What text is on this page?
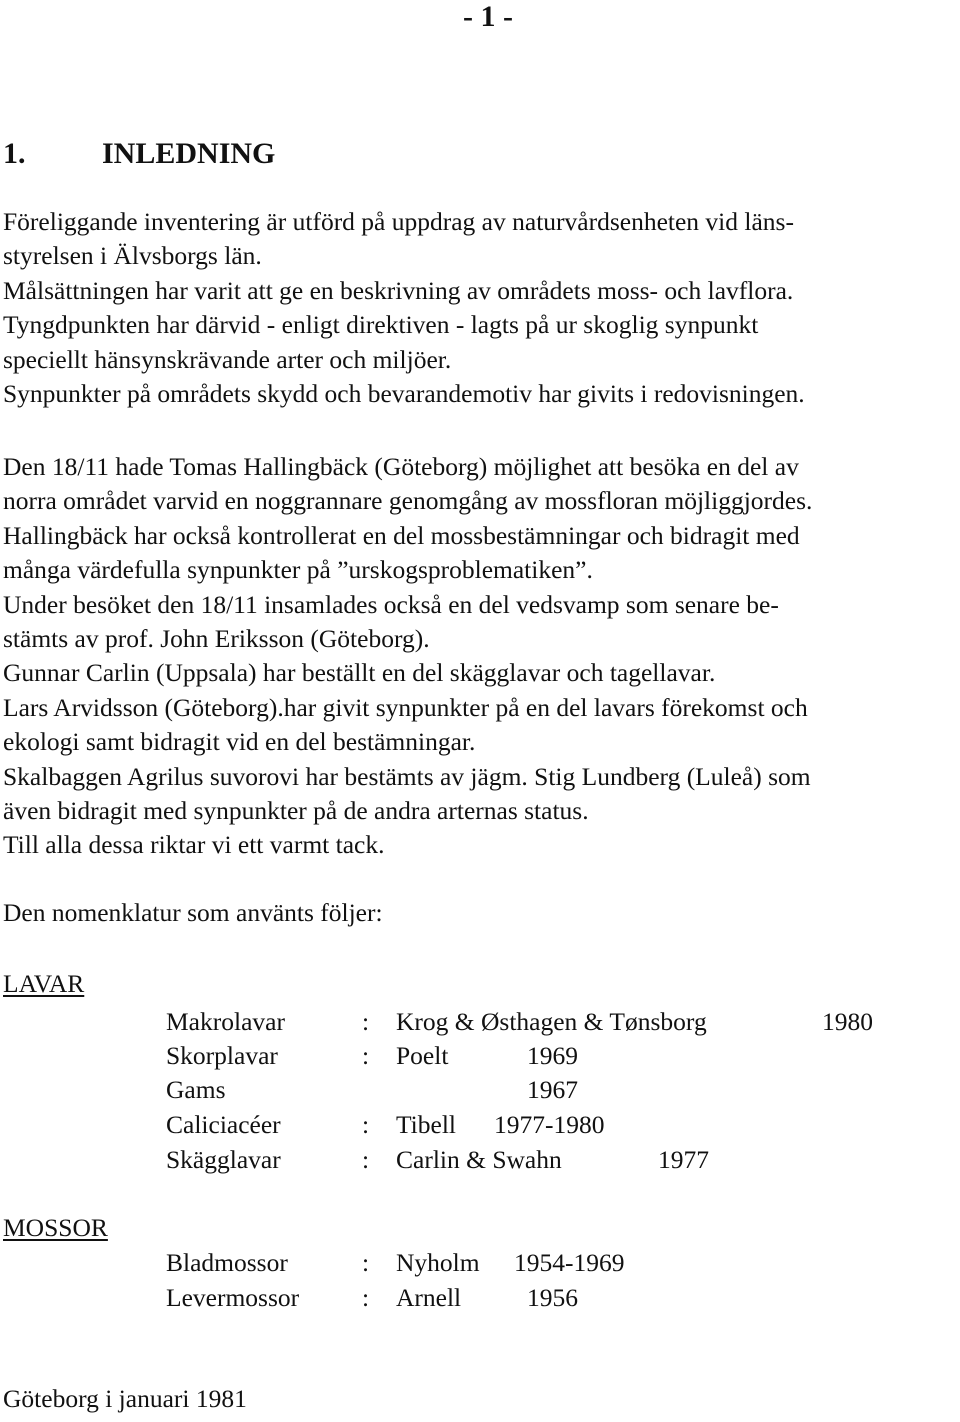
- 1 -
1.	INLEDNING
Föreliggande inventering är utförd på uppdrag av naturvårdsenheten vid läns-
styrelsen i Älvsborgs län.
Målsättningen har varit att ge en beskrivning av områdets moss- och lavflora.
Tyngdpunkten har därvid - enligt direktiven - lagts på ur skoglig synpunkt
speciellt hänsynskrävande arter och miljöer.
Synpunkter på områdets skydd och bevarandemotiv har givits i redovisningen.
Den 18/11 hade Tomas Hallingbäck (Göteborg) möjlighet att besöka en del av
norra området varvid en noggrannare genomgång av mossfloran möjliggjordes.
Hallingbäck har också kontrollerat en del mossbestämningar och bidragit med
många värdefulla synpunkter på ”urskogsproblematiken”.
Under besöket den 18/11 insamlades också en del vedsvamp som senare be-
stämts av prof. John Eriksson (Göteborg).
Gunnar Carlin (Uppsala) har beställt en del skägglavar och tagellavar.
Lars Arvidsson (Göteborg).har givit synpunkter på en del lavars förekomst och
ekologi samt bidragit vid en del bestämningar.
Skalbaggen Agrilus suvorovi har bestämts av jägm. Stig Lundberg (Luleå) som
även bidragit med synpunkter på de andra arternas status.
Till alla dessa riktar vi ett varmt tack.
Den nomenklatur som använts följer:
LAVAR
Makrolavar	: Krog & Østhagen & Tønsborg	1980
Skorplavar	: Poelt	1969
Gams	1967
Caliciacéer	: Tibell 1977-1980
Skägglavar	: Carlin & Swahn	1977
MOSSOR
Bladmossor	: Nyholm 1954-1969
Levermossor : Arnell	1956
Göteborg i januari 1981
